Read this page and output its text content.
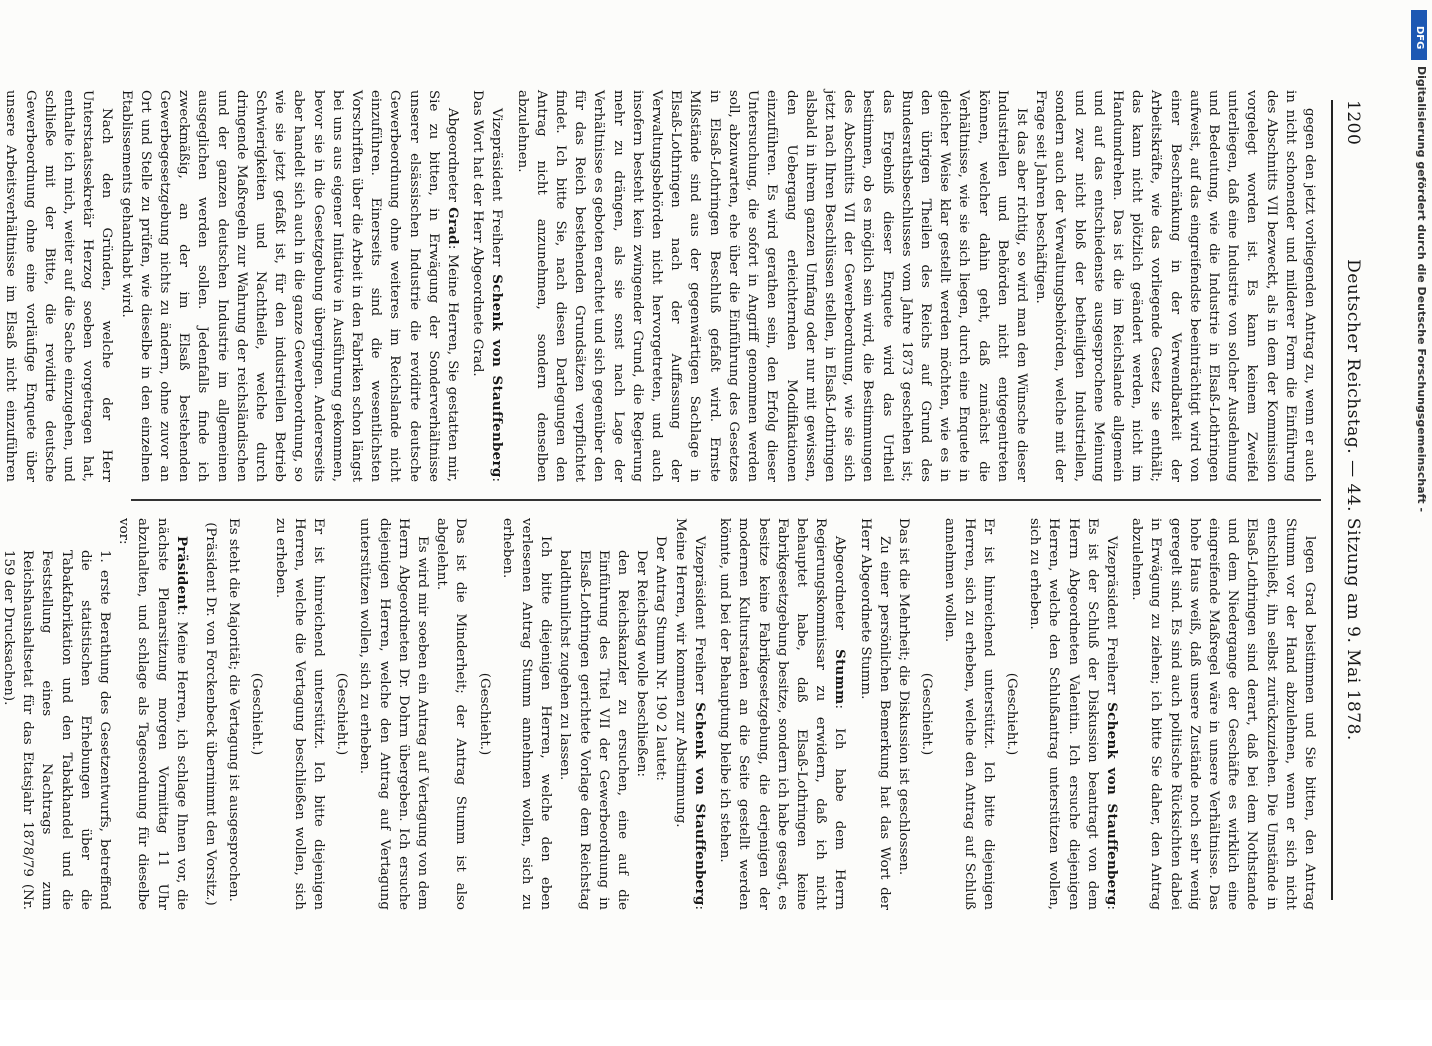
1200
Deutscher Reichstag. — 44. Sitzung am 9. Mai 1878.

gegen den jetzt vorliegenden Antrag zu, wenn er auch in nicht schonender und milderer Form die Einführung des Abschnitts VII bezweckt, als in dem der Kommission vorgelegt worden ist. Es kann keinem Zweifel unterliegen, daß eine Industrie von solcher Ausdehnung und Bedeutung, wie die Industrie in Elsaß-Lothringen aufweist, auf das eingreifendste beeinträchtigt wird von einer Beschränkung in der Verwendbarkeit der Arbeitskräfte, wie das vorliegende Gesetz sie enthält; das kann nicht plötzlich geändert werden, nicht im Handumdrehen. Das ist die im Reichslande allgemein und auf das entschiedenste ausgesprochene Meinung und zwar nicht bloß der betheiligten Industriellen, sondern auch der Verwaltungsbehörden, welche mit der Frage seit Jahren beschäftigen.

Ist das aber richtig, so wird man den Wünsche dieser Industriellen und Behörden nicht entgegentreten können, welcher dahin geht, daß zunächst die Verhältnisse, wie sie sich liegen, durch eine Enquete in gleicher Weise klar gestellt werden möchten, wie es in den übrigen Theilen des Reichs auf Grund des Bundesrathsbeschlusses vom Jahre 1873 geschehen ist; das Ergebniß dieser Enquete wird das Urtheil bestimmen, ob es möglich sein wird, die Bestimmungen des Abschnitts VII der Gewerbeordnung, wie sie sich jetzt nach Ihren Beschlüssen stellen, in Elsaß-Lothringen alsbald in ihrem ganzen Umfang oder nur mit gewissen, den Uebergang erleichternden Modifikationen einzuführen. Es wird gerathen sein, den Erfolg dieser Untersuchung, die sofort in Angriff genommen werden soll, abzuwarten, ehe über die Einführung des Gesetzes in Elsaß-Lothringen Beschluß gefaßt wird. Ernste Mißstände sind aus der gegenwärtigen Sachlage in Elsaß-Lothringen nach der Auffassung der Verwaltungsbehörden nicht hervorgetreten, und auch insofern besteht kein zwingender Grund, die Regierung mehr zu drängen, als sie sonst nach Lage der Verhältnisse es geboten erachtet und sich gegenüber den für das Reich bestehenden Grundsätzen verpflichtet findet. Ich bitte Sie, nach diesen Darlegungen den Antrag nicht anzunehmen, sondern denselben abzulehnen.

Vizepräsident Freiherr Schenk von Stauffenberg: Das Wort hat der Herr Abgeordnete Grad.

Abgeordneter Grad: Meine Herren, Sie gestatten mir, Sie zu bitten, in Erwägung der Sonderverhältnisse unserer elsässischen Industrie die revidirte deutsche Gewerbeordnung ohne weiteres im Reichslande nicht einzuführen. Einerseits sind die wesentlichsten Vorschriften über die Arbeit in den Fabriken schon längst bei uns aus eigener Initiative in Ausführung gekommen, bevor sie in die Gesetzgebung übergingen. Andererseits aber handelt sich auch in die ganze Gewerbeordnung, so wie sie jetzt gefaßt ist, für den industriellen Betrieb Schwierigkeiten und Nachtheile, welche durch dringende Maßregeln zur Wahrung der reichsländischen und der ganzen deutschen Industrie im allgemeinen ausgeglichen werden sollen. Jedenfalls finde ich zweckmäßig, an der im Elsaß bestehenden Gewerbegesetzgebung nichts zu ändern, ohne zuvor an Ort und Stelle zu prüfen, wie dieselbe in den einzelnen Etablissements gehandhabt wird.

Nach den Gründen, welche der Herr Unterstaatssekretär Herzog soeben vorgetragen hat, enthalte ich mich, weiter auf die Sache einzugehen, und schließe mit der Bitte, die revidirte deutsche Gewerbeordnung ohne eine vorläufige Enquete über unsere Arbeitsverhältnisse im Elsaß nicht einzuführen

legen Grad beistimmen und Sie bitten, den Antrag Stumm vor der Hand abzulehnen, wenn er sich nicht entschließt, ihn selbst zurückzuziehen. Die Umstände in Elsaß-Lothringen sind derart, daß bei dem Nothstande und dem Niedergange der Geschäfte es wirklich eine eingreifende Maßregel wäre in unsere Verhältnisse. Das hohe Haus weiß, daß unsere Zustände noch sehr wenig geregelt sind. Es sind auch politische Rücksichten dabei in Erwägung zu ziehen; ich bitte Sie daher, den Antrag abzulehnen.

Vizepräsident Freiherr Schenk von Stauffenberg: Es ist der Schluß der Diskussion beantragt von dem Herrn Abgeordneten Valentin. Ich ersuche diejenigen Herren, welche den Schlußantrag unterstützen wollen, sich zu erheben.

(Geschieht.)

Er ist hinreichend unterstützt. Ich bitte diejenigen Herren, sich zu erheben, welche den Antrag auf Schluß annehmen wollen.

(Geschieht.)

Das ist die Mehrheit; die Diskussion ist geschlossen.

Zu einer persönlichen Bemerkung hat das Wort der Herr Abgeordnete Stumm.

Abgeordneter Stumm: Ich habe dem Herrn Regierungskommissar zu erwidern, daß ich nicht behauptet habe, daß Elsaß-Lothringen keine Fabrikgesetzgebung besitze, sondern ich habe gesagt, es besitze keine Fabrikgesetzgebung, die derjenigen der modernen Kulturstaaten an die Seite gestellt werden könnte, und bei der Behauptung bleibe ich stehen.

Vizepräsident Freiherr Schenk von Stauffenberg: Meine Herren, wir kommen zur Abstimmung.

Der Antrag Stumm Nr. 190 2 lautet:

Der Reichstag wolle beschließen:

den Reichskanzler zu ersuchen, eine auf die Einführung des Titel VII der Gewerbeordnung in Elsaß-Lothringen gerichtete Vorlage dem Reichstag baldthunlichst zugehen zu lassen.

Ich bitte diejenigen Herren, welche den eben verlesenen Antrag Stumm annehmen wollen, sich zu erheben.

(Geschieht.)

Das ist die Minderheit; der Antrag Stumm ist also abgelehnt.

Es wird mir soeben ein Antrag auf Vertagung von dem Herrn Abgeordneten Dr. Dohrn übergeben. Ich ersuche diejenigen Herren, welche den Antrag auf Vertagung unterstützen wollen, sich zu erheben.

(Geschieht.)

Er ist hinreichend unterstützt. Ich bitte diejenigen Herren, welche die Vertagung beschließen wollen, sich zu erheben.

(Geschieht.)

Es steht die Majorität; die Vertagung ist ausgesprochen.

(Präsident Dr. von Forckenbeck übernimmt den Vorsitz.)

Präsident: Meine Herren, ich schlage Ihnen vor, die nächste Plenarsitzung morgen Vormittag 11 Uhr abzuhalten, und schlage als Tagesordnung für dieselbe vor:

1. erste Berathung des Gesetzentwurfs, betreffend die statistischen Erhebungen über die Tabakfabrikation und den Tabakhandel und die Feststellung eines Nachtrags zum Reichshaushaltsetat für das Etatsjahr 1878/79 (Nr. 159 der Drucksachen).

DFG
Digitalisierung gefördert durch die Deutsche Forschungsgemeinschaft -
